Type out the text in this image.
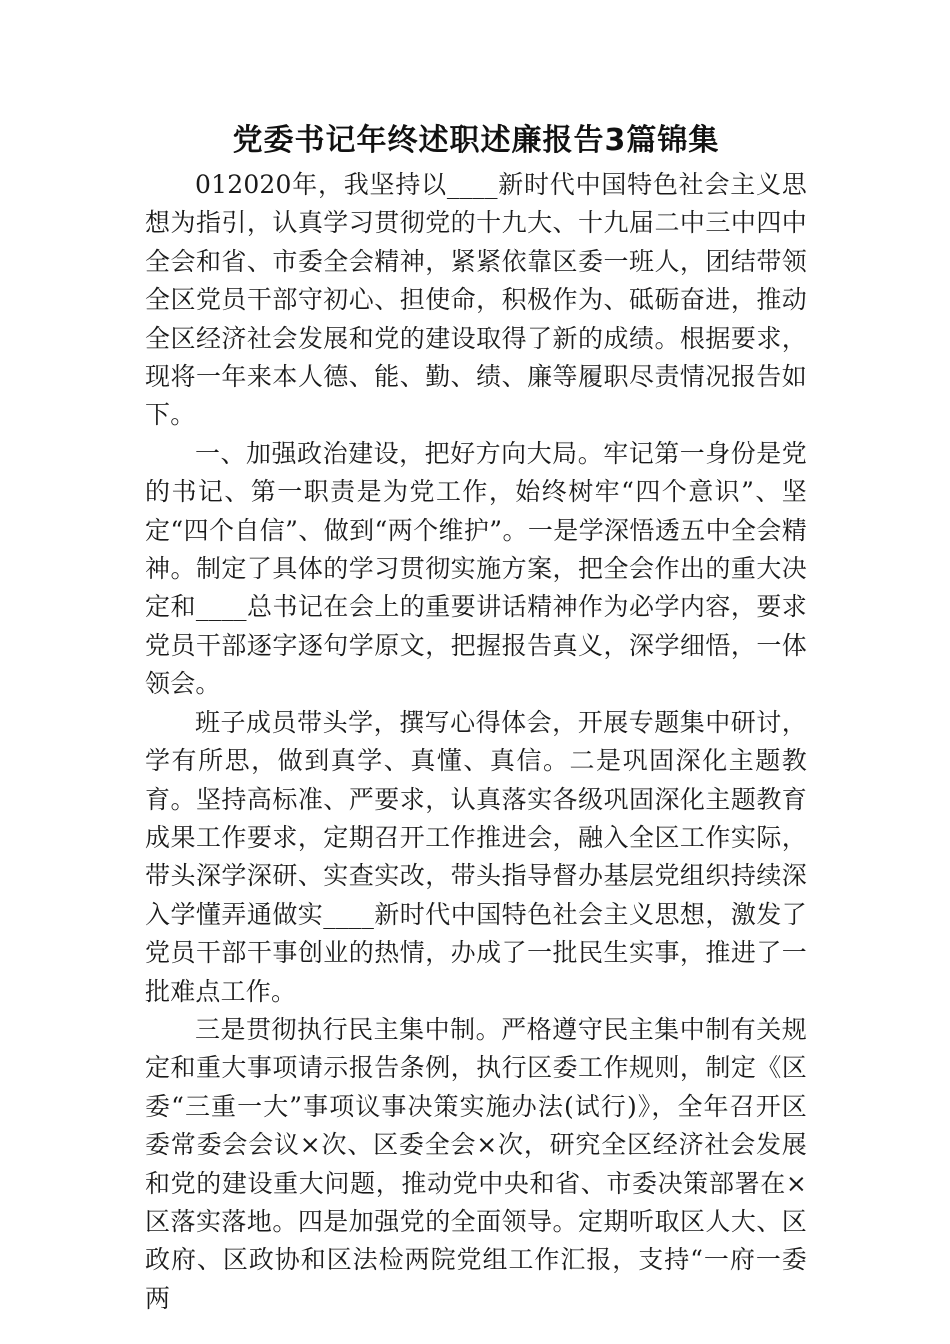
党委书记年终述职述廉报告3篇锦集

012020年，我坚持以____新时代中国特色社会主义思想为指引，认真学习贯彻党的十九大、十九届二中三中四中全会和省、市委全会精神，紧紧依靠区委一班人，团结带领全区党员干部守初心、担使命，积极作为、砥砺奋进，推动全区经济社会发展和党的建设取得了新的成绩。根据要求，现将一年来本人德、能、勤、绩、廉等履职尽责情况报告如下。

一、加强政治建设，把好方向大局。牢记第一身份是党的书记、第一职责是为党工作，始终树牢“四个意识”、坚定“四个自信”、做到“两个维护”。一是学深悟透五中全会精神。制定了具体的学习贯彻实施方案，把全会作出的重大决定和____总书记在会上的重要讲话精神作为必学内容，要求党员干部逐字逐句学原文，把握报告真义，深学细悟，一体领会。

班子成员带头学，撰写心得体会，开展专题集中研讨，学有所思，做到真学、真懂、真信。二是巩固深化主题教育。坚持高标准、严要求，认真落实各级巩固深化主题教育成果工作要求，定期召开工作推进会，融入全区工作实际，带头深学深研、实查实改，带头指导督办基层党组织持续深入学懂弄通做实____新时代中国特色社会主义思想，激发了党员干部干事创业的热情，办成了一批民生实事，推进了一批难点工作。

三是贯彻执行民主集中制。严格遵守民主集中制有关规定和重大事项请示报告条例，执行区委工作规则，制定《区委“三重一大”事项议事决策实施办法(试行)》，全年召开区委常委会会议×次、区委全会×次，研究全区经济社会发展和党的建设重大问题，推动党中央和省、市委决策部署在×区落实落地。四是加强党的全面领导。定期听取区人大、区政府、区政协和区法检两院党组工作汇报，支持“一府一委两
